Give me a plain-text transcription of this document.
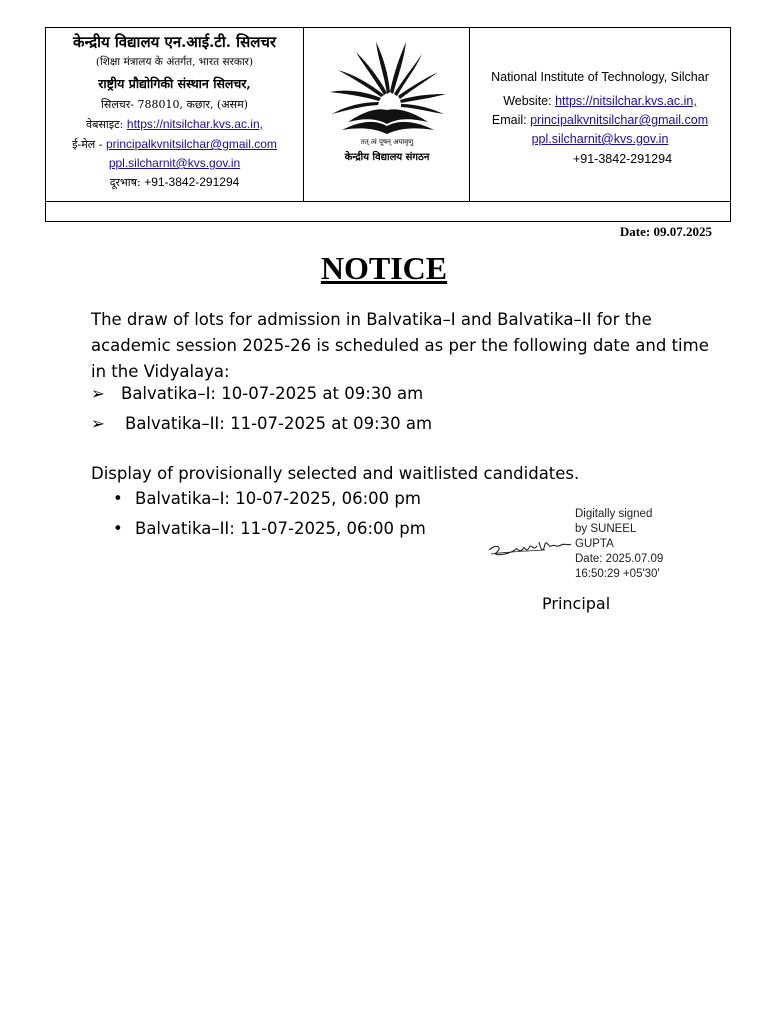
केन्द्रीय विद्यालय एन.आई.टी. सिलचर
(शिक्षा मंत्रालय के अंतर्गत, भारत सरकार)
राष्ट्रीय प्रौद्योगिकी संस्थान सिलचर,
सिलचर- 788010, कछार, (असम)
वेबसाइट: https://nitsilchar.kvs.ac.in,
ई-मेल - principalkvnitsilchar@gmail.com
ppl.silcharnit@kvs.gov.in
दूरभाष: +91-3842-291294
तत् त्वं पूषन् अपावृणु
केन्द्रीय विद्यालय संगठन
National Institute of Technology, Silchar
Website: https://nitsilchar.kvs.ac.in,
Email: principalkvnitsilchar@gmail.com
ppl.silcharnit@kvs.gov.in
+91-3842-291294
Date: 09.07.2025
NOTICE
The draw of lots for admission in Balvatika–I and Balvatika–II for the academic session 2025-26 is scheduled as per the following date and time in the Vidyalaya:
➢ Balvatika–I: 10-07-2025 at 09:30 am
➢ Balvatika–II: 11-07-2025 at 09:30 am
Display of provisionally selected and waitlisted candidates.
• Balvatika–I: 10-07-2025, 06:00 pm
• Balvatika–II: 11-07-2025, 06:00 pm
Digitally signed
by SUNEEL
GUPTA
Date: 2025.07.09
16:50:29 +05'30'
Principal
